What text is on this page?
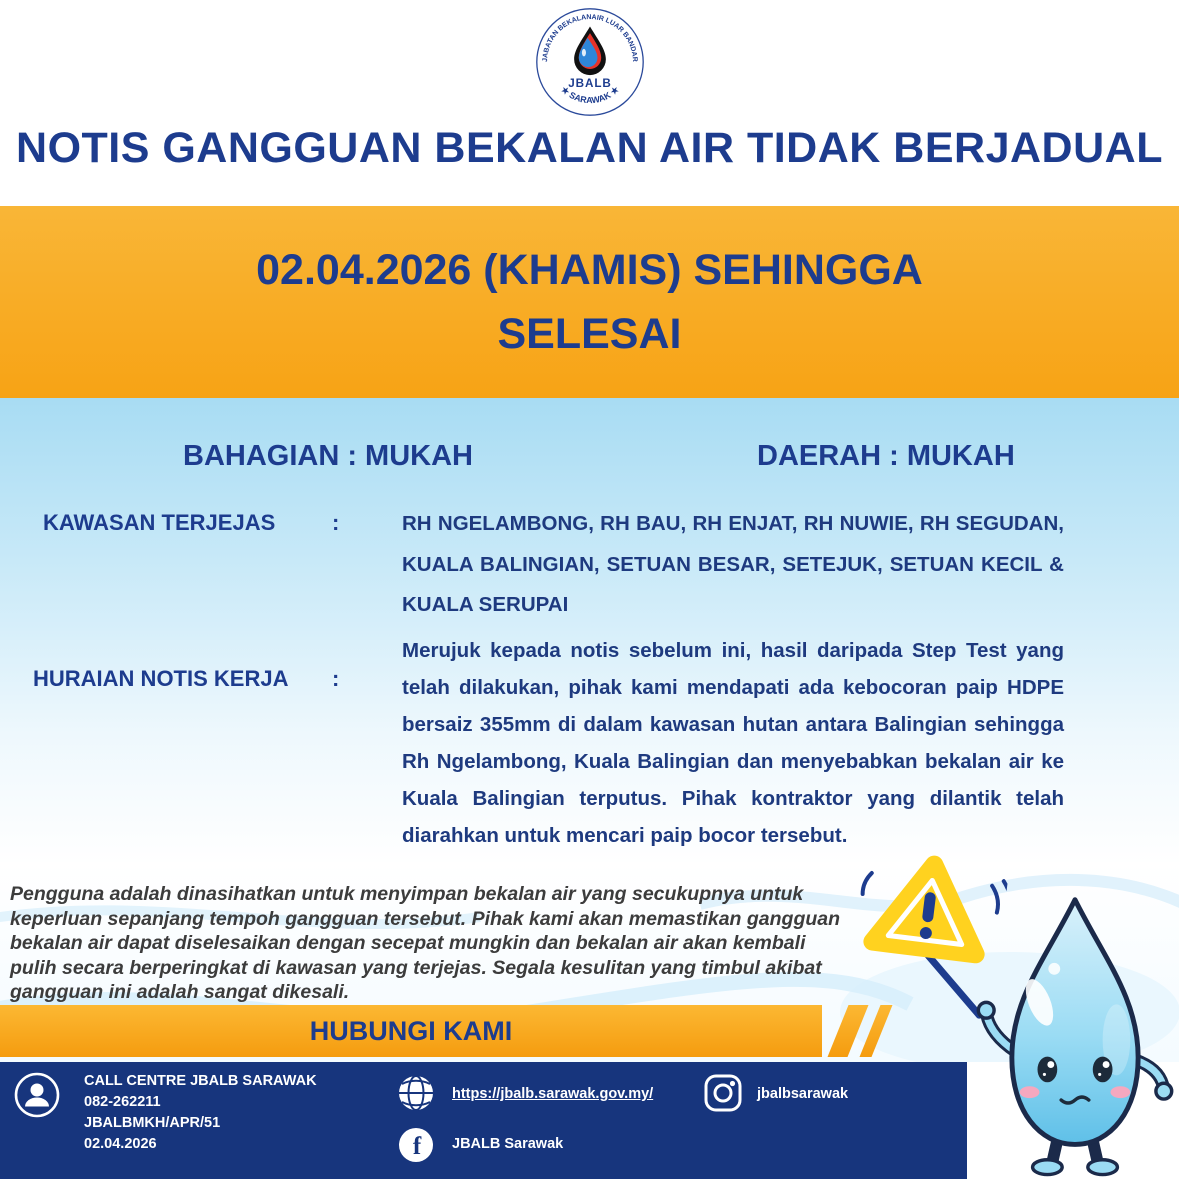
JABATAN BEKALANAIR LUAR BANDAR
JBALB
★ SARAWAK ★
NOTIS GANGGUAN BEKALAN AIR TIDAK BERJADUAL
02.04.2026 (KHAMIS) SEHINGGA
SELESAI
BAHAGIAN : MUKAH	DAERAH : MUKAH
KAWASAN TERJEJAS	:	RH NGELAMBONG, RH BAU, RH ENJAT, RH NUWIE, RH SEGUDAN, KUALA BALINGIAN, SETUAN BESAR, SETEJUK, SETUAN KECIL & KUALA SERUPAI
HURAIAN NOTIS KERJA :
Merujuk kepada notis sebelum ini, hasil daripada Step Test yang telah dilakukan, pihak kami mendapati ada kebocoran paip HDPE bersaiz 355mm di dalam kawasan hutan antara Balingian sehingga Rh Ngelambong, Kuala Balingian dan menyebabkan bekalan air ke Kuala Balingian terputus. Pihak kontraktor yang dilantik telah diarahkan untuk mencari paip bocor tersebut.

Pengguna adalah dinasihatkan untuk menyimpan bekalan air yang secukupnya untuk keperluan sepanjang tempoh gangguan tersebut. Pihak kami akan memastikan gangguan bekalan air dapat diselesaikan dengan secepat mungkin dan bekalan air akan kembali pulih secara berperingkat di kawasan yang terjejas. Segala kesulitan yang timbul akibat gangguan ini adalah sangat dikesali.

HUBUNGI KAMI
CALL CENTRE JBALB SARAWAK
082-262211
JBALBMKH/APR/51
02.04.2026
https://jbalb.sarawak.gov.my/
f JBALB Sarawak
jbalbsarawak
